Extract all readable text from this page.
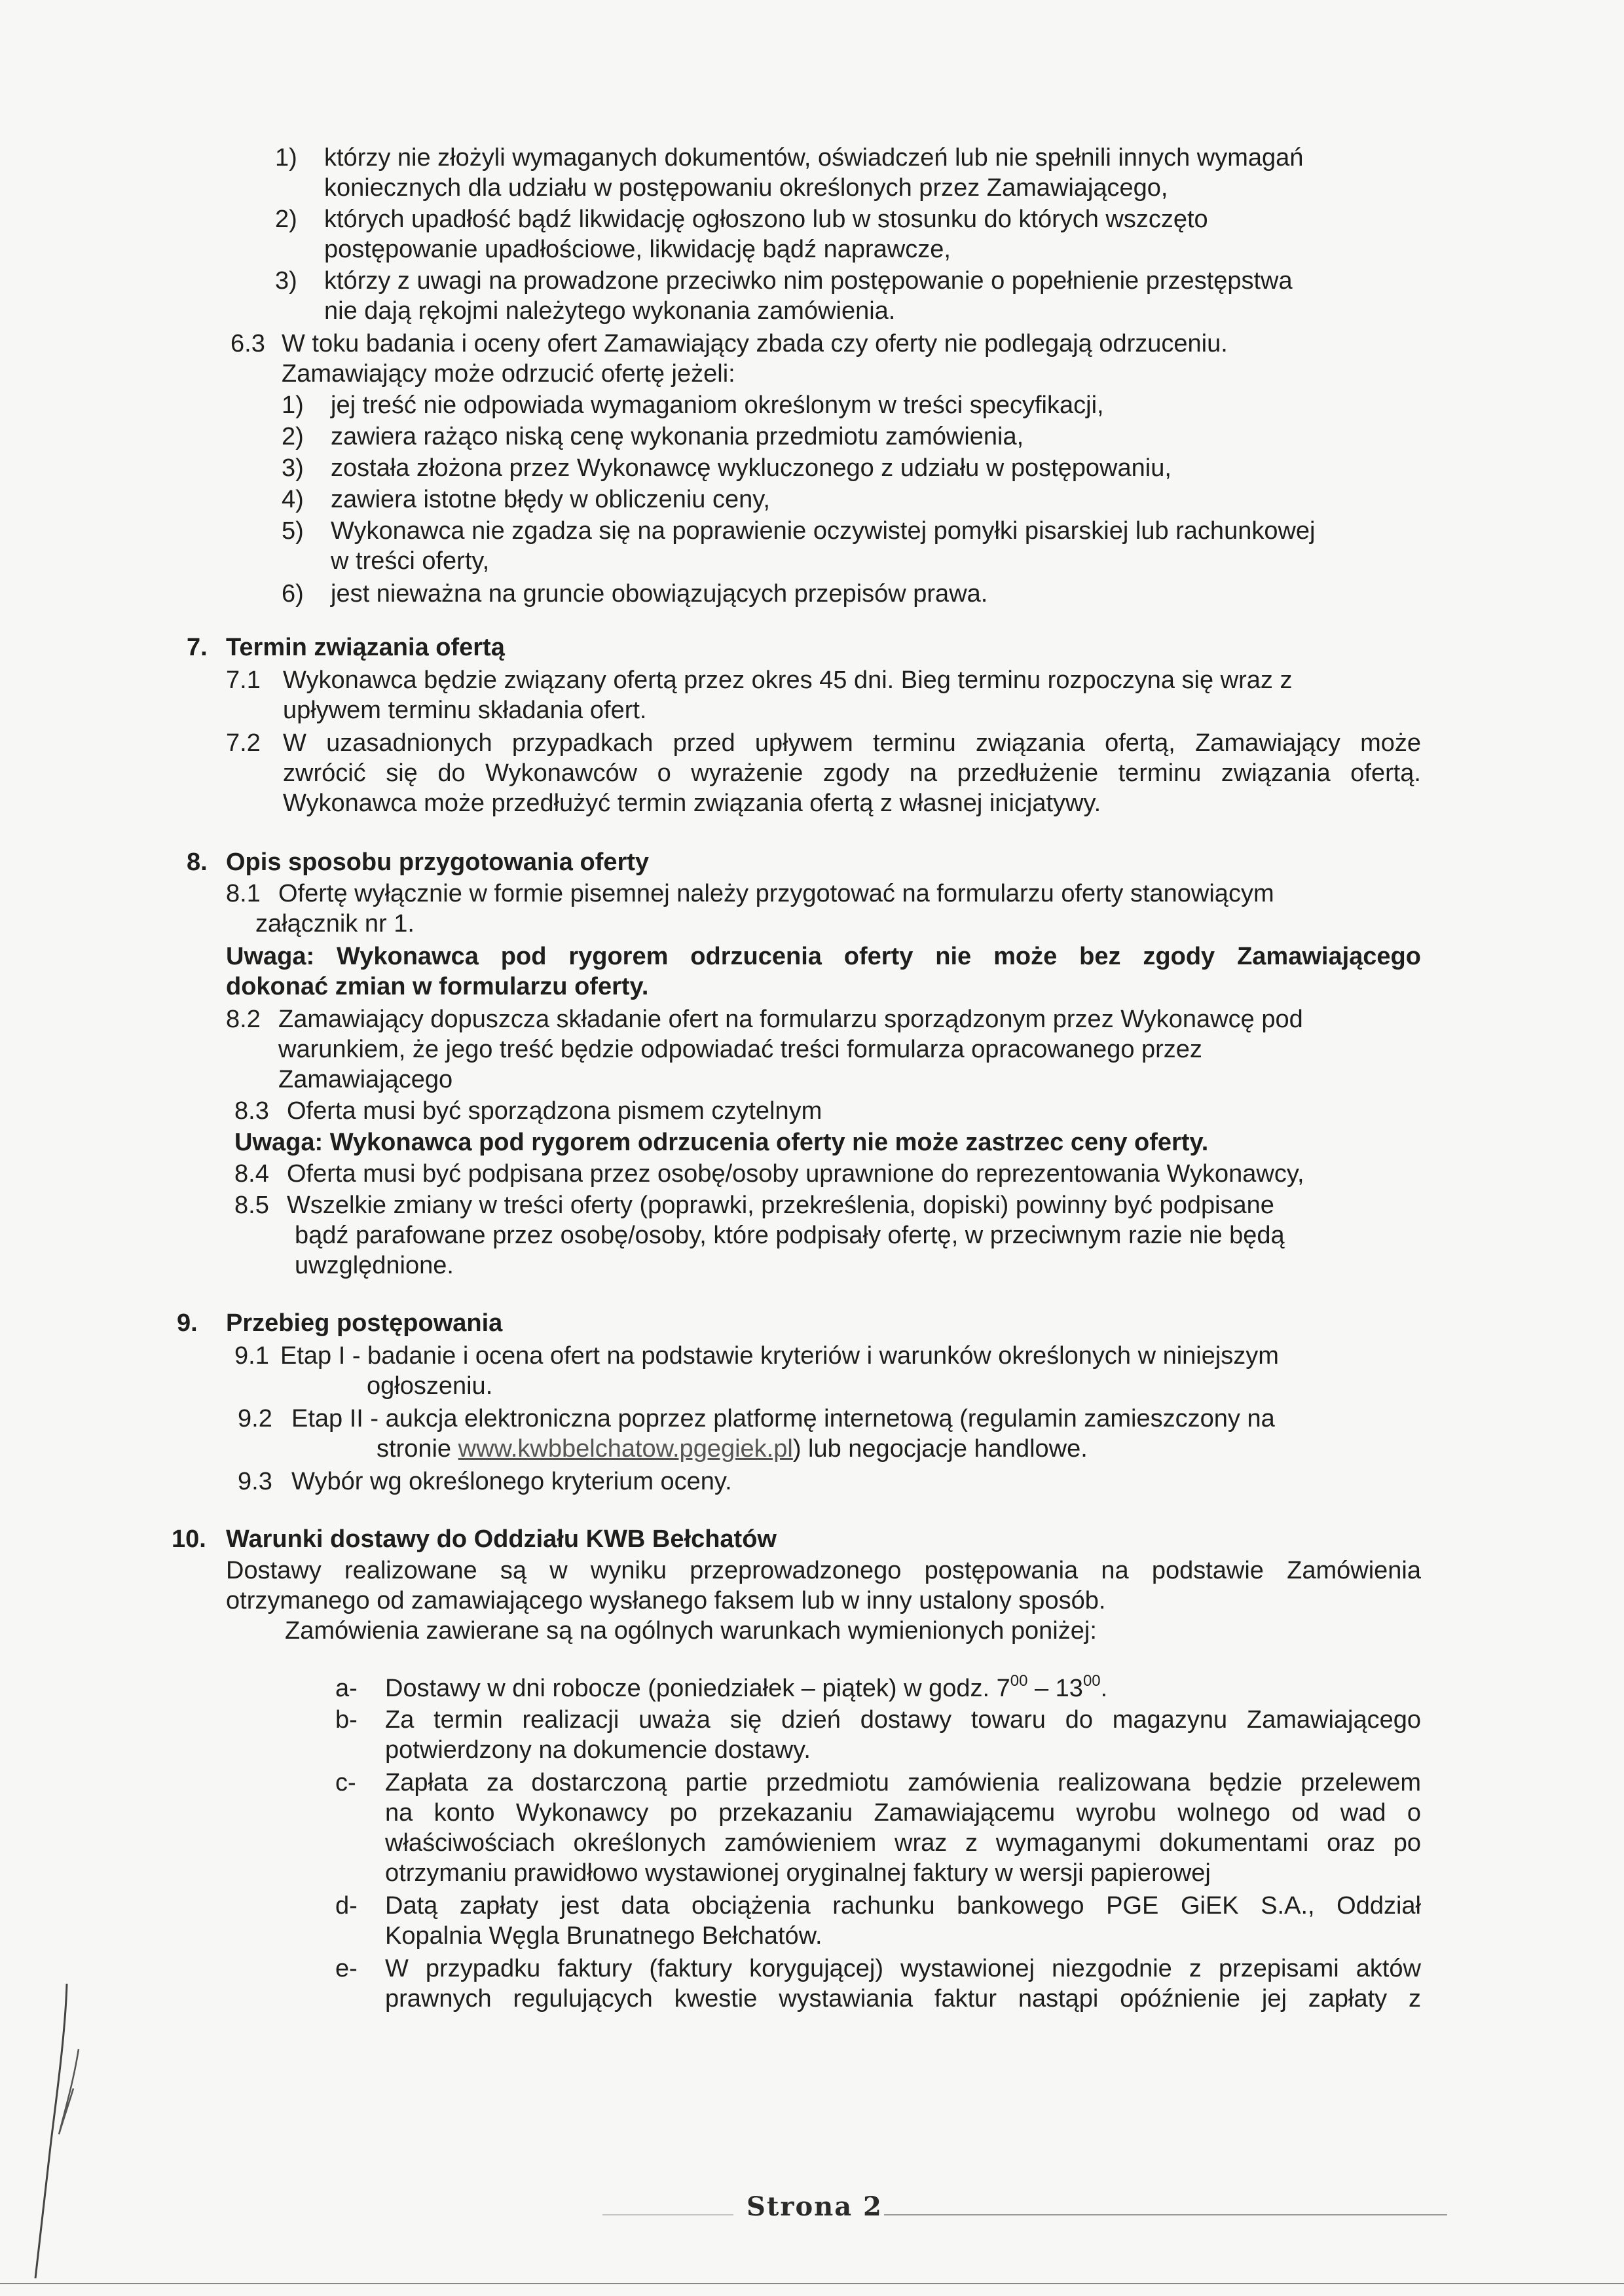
1) którzy nie złożyli wymaganych dokumentów, oświadczeń lub nie spełnili innych wymagań
koniecznych dla udziału w postępowaniu określonych przez Zamawiającego,
2) których upadłość bądź likwidację ogłoszono lub w stosunku do których wszczęto
postępowanie upadłościowe, likwidację bądź naprawcze,
3) którzy z uwagi na prowadzone przeciwko nim postępowanie o popełnienie przestępstwa
nie dają rękojmi należytego wykonania zamówienia.
6.3 W toku badania i oceny ofert Zamawiający zbada czy oferty nie podlegają odrzuceniu.
Zamawiający może odrzucić ofertę jeżeli:
1) jej treść nie odpowiada wymaganiom określonym w treści specyfikacji,
2) zawiera rażąco niską cenę wykonania przedmiotu zamówienia,
3) została złożona przez Wykonawcę wykluczonego z udziału w postępowaniu,
4) zawiera istotne błędy w obliczeniu ceny,
5) Wykonawca nie zgadza się na poprawienie oczywistej pomyłki pisarskiej lub rachunkowej
w treści oferty,
6) jest nieważna na gruncie obowiązujących przepisów prawa.
7. Termin związania ofertą
7.1 Wykonawca będzie związany ofertą przez okres 45 dni. Bieg terminu rozpoczyna się wraz z
upływem terminu składania ofert.
7.2 W uzasadnionych przypadkach przed upływem terminu związania ofertą, Zamawiający może
zwrócić się do Wykonawców o wyrażenie zgody na przedłużenie terminu związania ofertą.
Wykonawca może przedłużyć termin związania ofertą z własnej inicjatywy.
8. Opis sposobu przygotowania oferty
8.1 Ofertę wyłącznie w formie pisemnej należy przygotować na formularzu oferty stanowiącym
załącznik nr 1.
Uwaga: Wykonawca pod rygorem odrzucenia oferty nie może bez zgody Zamawiającego
dokonać zmian w formularzu oferty.
8.2 Zamawiający dopuszcza składanie ofert na formularzu sporządzonym przez Wykonawcę pod
warunkiem, że jego treść będzie odpowiadać treści formularza opracowanego przez
Zamawiającego
8.3 Oferta musi być sporządzona pismem czytelnym
Uwaga: Wykonawca pod rygorem odrzucenia oferty nie może zastrzec ceny oferty.
8.4 Oferta musi być podpisana przez osobę/osoby uprawnione do reprezentowania Wykonawcy,
8.5 Wszelkie zmiany w treści oferty (poprawki, przekreślenia, dopiski) powinny być podpisane
bądź parafowane przez osobę/osoby, które podpisały ofertę, w przeciwnym razie nie będą
uwzględnione.
9. Przebieg postępowania
9.1 Etap I - badanie i ocena ofert na podstawie kryteriów i warunków określonych w niniejszym
ogłoszeniu.
9.2 Etap II - aukcja elektroniczna poprzez platformę internetową (regulamin zamieszczony na
stronie www.kwbbelchatow.pgegiek.pl) lub negocjacje handlowe.
9.3 Wybór wg określonego kryterium oceny.
10. Warunki dostawy do Oddziału KWB Bełchatów
Dostawy realizowane są w wyniku przeprowadzonego postępowania na podstawie Zamówienia
otrzymanego od zamawiającego wysłanego faksem lub w inny ustalony sposób.
Zamówienia zawierane są na ogólnych warunkach wymienionych poniżej:
a- Dostawy w dni robocze (poniedziałek – piątek) w godz. $7^{00} - 13^{00}$.
b- Za termin realizacji uważa się dzień dostawy towaru do magazynu Zamawiającego
potwierdzony na dokumencie dostawy.
c- Zapłata za dostarczoną partie przedmiotu zamówienia realizowana będzie przelewem
na konto Wykonawcy po przekazaniu Zamawiającemu wyrobu wolnego od wad o
właściwościach określonych zamówieniem wraz z wymaganymi dokumentami oraz po
otrzymaniu prawidłowo wystawionej oryginalnej faktury w wersji papierowej
d- Datą zapłaty jest data obciążenia rachunku bankowego PGE GiEK S.A., Oddział
Kopalnia Węgla Brunatnego Bełchatów.
e- W przypadku faktury (faktury korygującej) wystawionej niezgodnie z przepisami aktów
prawnych regulujących kwestie wystawiania faktur nastąpi opóźnienie jej zapłaty z
Strona 2
